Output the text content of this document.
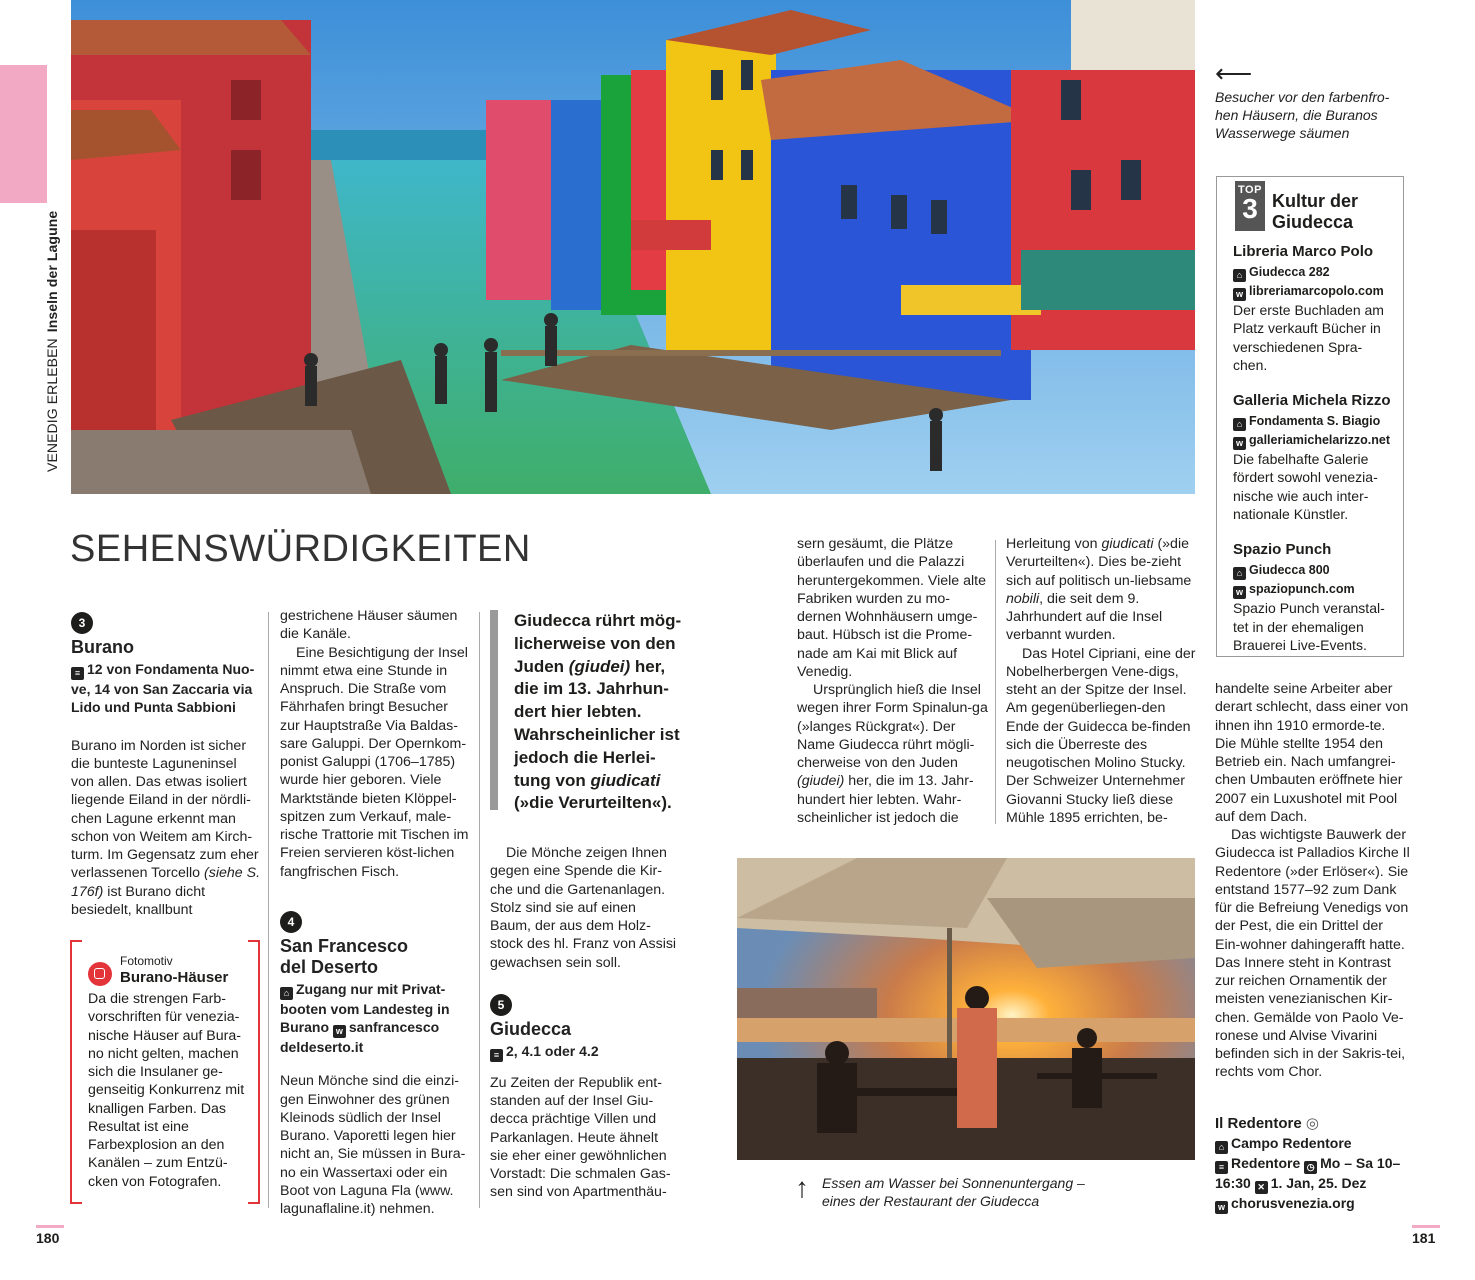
VENEDIG ERLEBENInseln der Lagune
⟵
Besucher vor den farbenfro-
hen Häusern, die Buranos
Wasserwege säumen
TOP
3 Kultur der
Giudecca
Libreria Marco Polo
⌂ Giudecca 282
w libreriamarcopolo.com

Der erste Buchladen am Platz verkauft Bücher in verschiedenen Spra-chen.

Galleria Michela Rizzo
⌂ Fondamenta S. Biagio
w galleriamichelarizzo.net

Die fabelhafte Galerie fördert sowohl venezia-nische wie auch inter-nationale Künstler.

Spazio Punch
⌂ Giudecca 800
w spaziopunch.com

Spazio Punch veranstal-tet in der ehemaligen Brauerei Live-Events.

SEHENSWÜRDIGKEITEN
3
Burano
≡ 12 von Fondamenta Nuo-ve, 14 von San Zaccaria via Lido und Punta Sabbioni

Burano im Norden ist sicher die bunteste Laguneninsel von allen. Das etwas isoliert liegende Eiland in der nördli-chen Lagune erkennt man schon von Weitem am Kirch-turm. Im Gegensatz zum eher verlassenen Torcello (siehe S. 176f) ist Burano dicht besiedelt, knallbunt

Fotomotiv
Burano-Häuser
Da die strengen Farb-vorschriften für venezia-nische Häuser auf Bura-no nicht gelten, machen sich die Insulaner ge-genseitig Konkurrenz mit knalligen Farben. Das Resultat ist eine Farbexplosion an den Kanälen – zum Entzü-cken von Fotografen.

gestrichene Häuser säumen die Kanäle.

Eine Besichtigung der Insel nimmt etwa eine Stunde in Anspruch. Die Straße vom Fährhafen bringt Besucher zur Hauptstraße Via Baldas-sare Galuppi. Der Opernkom-ponist Galuppi (1706–1785) wurde hier geboren. Viele Marktstände bieten Klöppel-spitzen zum Verkauf, male-rische Trattorie mit Tischen im Freien servieren köst-lichen fangfrischen Fisch.

4
San Francesco
del Deserto
⌂ Zugang nur mit Privat-booten vom Landesteg in Burano w sanfrancesco deldeserto.it

Neun Mönche sind die einzi-gen Einwohner des grünen Kleinods südlich der Insel Burano. Vaporetti legen hier nicht an, Sie müssen in Bura-no ein Wassertaxi oder ein Boot von Laguna Fla (www. lagunaflaline.it) nehmen.

Giudecca rührt mög-licherweise von den Juden (giudei) her, die im 13. Jahrhun-dert hier lebten. Wahrscheinlicher ist jedoch die Herlei-tung von giudicati (»die Verurteilten«).

Die Mönche zeigen Ihnen gegen eine Spende die Kir-che und die Gartenanlagen. Stolz sind sie auf einen Baum, der aus dem Holz-stock des hl. Franz von Assisi gewachsen sein soll.

5
Giudecca
≡ 2, 4.1 oder 4.2

Zu Zeiten der Republik ent-standen auf der Insel Giu-decca prächtige Villen und Parkanlagen. Heute ähnelt sie eher einer gewöhnlichen Vorstadt: Die schmalen Gas-sen sind von Apartmenthäu-

sern gesäumt, die Plätze überlaufen und die Palazzi heruntergekommen. Viele alte Fabriken wurden zu mo-dernen Wohnhäusern umge-baut. Hübsch ist die Prome-nade am Kai mit Blick auf Venedig.

Ursprünglich hieß die Insel wegen ihrer Form Spinalun-ga (»langes Rückgrat«). Der Name Giudecca rührt mögli-cherweise von den Juden (giudei) her, die im 13. Jahr-hundert hier lebten. Wahr-scheinlicher ist jedoch die

Herleitung von giudicati (»die Verurteilten«). Dies be-zieht sich auf politisch un-liebsame nobili, die seit dem 9. Jahrhundert auf die Insel verbannt wurden.

Das Hotel Cipriani, eine der Nobelherbergen Vene-digs, steht an der Spitze der Insel. Am gegenüberliegen-den Ende der Guidecca be-finden sich die Überreste des neugotischen Molino Stucky. Der Schweizer Unternehmer Giovanni Stucky ließ diese Mühle 1895 errichten, be-

↑ Essen am Wasser bei Sonnenuntergang –
eines der Restaurant der Giudecca

handelte seine Arbeiter aber derart schlecht, dass einer von ihnen ihn 1910 ermorde-te. Die Mühle stellte 1954 den Betrieb ein. Nach umfangrei-chen Umbauten eröffnete hier 2007 ein Luxushotel mit Pool auf dem Dach.

Das wichtigste Bauwerk der Giudecca ist Palladios Kirche Il Redentore (»der Erlöser«). Sie entstand 1577–92 zum Dank für die Befreiung Venedigs von der Pest, die ein Drittel der Ein-wohner dahingerafft hatte. Das Innere steht in Kontrast zur reichen Ornamentik der meisten venezianischen Kir-chen. Gemälde von Paolo Ve-ronese und Alvise Vivarini befinden sich in der Sakris-tei, rechts vom Chor.

Il Redentore ◎
⌂ Campo Redentore
≡ Redentore ◷ Mo – Sa 10–16:30 ✕ 1. Jan, 25. Dez
w chorusvenezia.org
180	181
